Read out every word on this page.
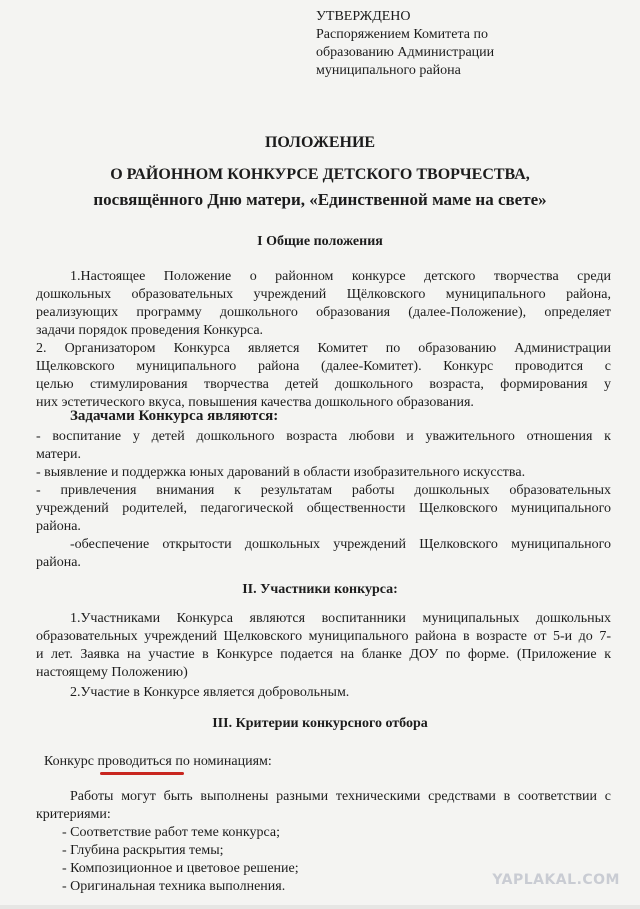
УТВЕРЖДЕНО
Распоряжением Комитета по
образованию Администрации
муниципального района
ПОЛОЖЕНИЕ
О РАЙОННОМ КОНКУРСЕ ДЕТСКОГО ТВОРЧЕСТВА,
посвящённого Дню матери, «Единственной маме на свете»
I Общие положения
1.Настоящее Положение о районном конкурсе детского творчества среди
дошкольных образовательных учреждений Щёлковского муниципального района,
реализующих программу дошкольного образования (далее-Положение), определяет
задачи порядок проведения Конкурса.
2. Организатором Конкурса является Комитет по образованию Администрации
Щелковского муниципального района (далее-Комитет). Конкурс проводится с
целью стимулирования творчества детей дошкольного возраста, формирования у
них эстетического вкуса, повышения качества дошкольного образования.
Задачами Конкурса являются:
- воспитание у детей дошкольного возраста любови и уважительного отношения к
матери.
- выявление и поддержка юных дарований в области изобразительного искусства.
- привлечения внимания к результатам работы дошкольных образовательных
учреждений родителей, педагогической общественности Щелковского муниципального
района.
-обеспечение открытости дошкольных учреждений Щелковского муниципального
района.
II. Участники конкурса:
1.Участниками Конкурса являются воспитанники муниципальных дошкольных
образовательных учреждений Щелковского муниципального района в возрасте от 5-и до 7-
и лет. Заявка на участие в Конкурсе подается на бланке ДОУ по форме. (Приложение к
настоящему Положению)
2.Участие в Конкурсе является добровольным.
III. Критерии конкурсного отбора
Конкурс проводиться по номинациям:
Работы могут быть выполнены разными техническими средствами в соответствии с
критериями:
- Соответствие работ теме конкурса;
- Глубина раскрытия темы;
- Композиционное и цветовое решение;
- Оригинальная техника выполнения.	YAPLAKAL.COM
